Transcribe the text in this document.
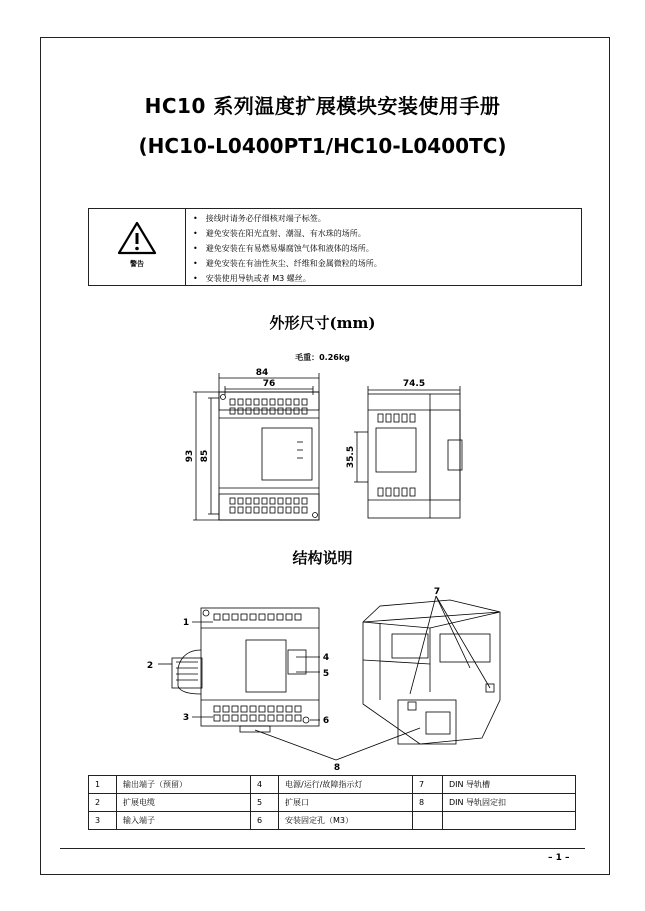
HC10 系列温度扩展模块安装使用手册
(HC10-L0400PT1/HC10-L0400TC)
警告
• 接线时请务必仔细核对端子标签。
• 避免安装在阳光直射、潮湿、有水珠的场所。
• 避免安装在有易燃易爆腐蚀气体和液体的场所。
• 避免安装在有油性灰尘、纤维和金属微粒的场所。
• 安装使用导轨或者 M3 螺丝。
外形尺寸(mm)
毛重：0.26kg
84
76
93 85
74.5
35.5
结构说明
1
2
3
4
5
6
7
8
1	输出端子（预留）	4	电源/运行/故障指示灯	7	DIN 导轨槽
2	扩展电缆	5	扩展口	8	DIN 导轨固定扣
3	输入端子	6	安装固定孔（M3）		
– 1 –
